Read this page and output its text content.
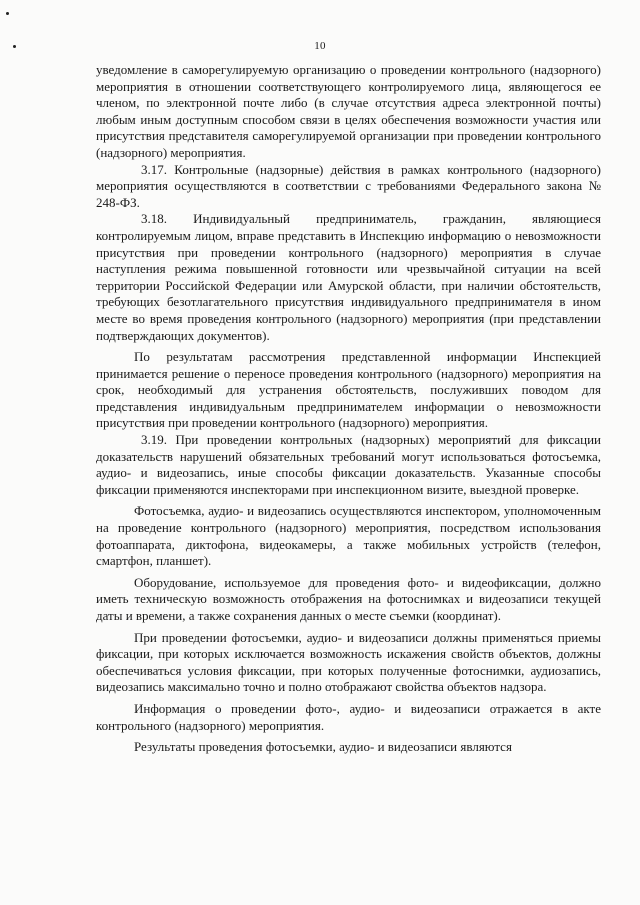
10

уведомление в саморегулируемую организацию о проведении контрольного (надзорного) мероприятия в отношении соответствующего контролируемого лица, являющегося ее членом, по электронной почте либо (в случае отсутствия адреса электронной почты) любым иным доступным способом связи в целях обеспечения возможности участия или присутствия представителя саморегулируемой организации при проведении контрольного (надзорного) мероприятия.

3.17. Контрольные (надзорные) действия в рамках контрольного (надзорного) мероприятия осуществляются в соответствии с требованиями Федерального закона № 248-ФЗ.

3.18. Индивидуальный предприниматель, гражданин, являющиеся контролируемым лицом, вправе представить в Инспекцию информацию о невозможности присутствия при проведении контрольного (надзорного) мероприятия в случае наступления режима повышенной готовности или чрезвычайной ситуации на всей территории Российской Федерации или Амурской области, при наличии обстоятельств, требующих безотлагательного присутствия индивидуального предпринимателя в ином месте во время проведения контрольного (надзорного) мероприятия (при представлении подтверждающих документов).

По результатам рассмотрения представленной информации Инспекцией принимается решение о переносе проведения контрольного (надзорного) мероприятия на срок, необходимый для устранения обстоятельств, послуживших поводом для представления индивидуальным предпринимателем информации о невозможности присутствия при проведении контрольного (надзорного) мероприятия.

3.19. При проведении контрольных (надзорных) мероприятий для фиксации доказательств нарушений обязательных требований могут использоваться фотосъемка, аудио- и видеозапись, иные способы фиксации доказательств. Указанные способы фиксации применяются инспекторами при инспекционном визите, выездной проверке.

Фотосъемка, аудио- и видеозапись осуществляются инспектором, уполномоченным на проведение контрольного (надзорного) мероприятия, посредством использования фотоаппарата, диктофона, видеокамеры, а также мобильных устройств (телефон, смартфон, планшет).

Оборудование, используемое для проведения фото- и видеофиксации, должно иметь техническую возможность отображения на фотоснимках и видеозаписи текущей даты и времени, а также сохранения данных о месте съемки (координат).

При проведении фотосъемки, аудио- и видеозаписи должны применяться приемы фиксации, при которых исключается возможность искажения свойств объектов, должны обеспечиваться условия фиксации, при которых полученные фотоснимки, аудиозапись, видеозапись максимально точно и полно отображают свойства объектов надзора.

Информация о проведении фото-, аудио- и видеозаписи отражается в акте контрольного (надзорного) мероприятия.

Результаты проведения фотосъемки, аудио- и видеозаписи являются
